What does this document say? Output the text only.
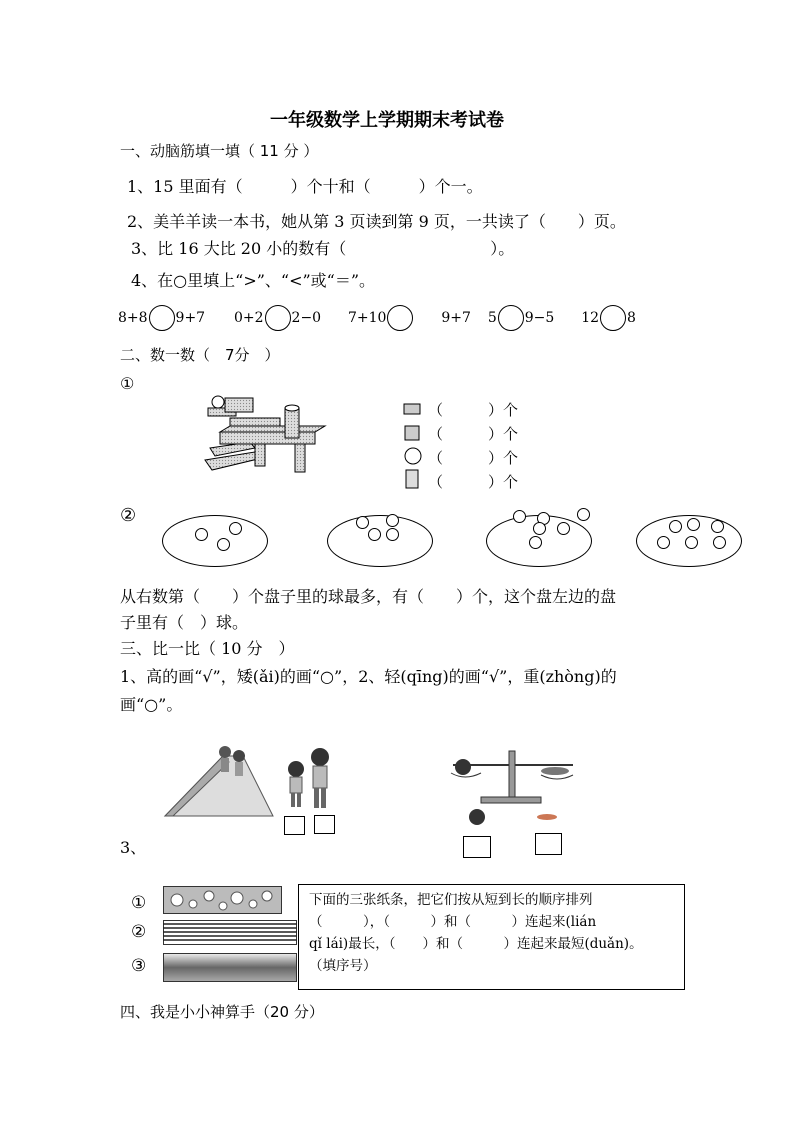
一年级数学上学期期末考试卷
一、动脑筋填一填（ 11 分 ）
1、15 里面有（　　　）个十和（　　　）个一。
2、美羊羊读一本书，她从第 3 页读到第 9 页，一共读了（　　）页。
3、比 16 大比 20 小的数有（　　　　　　　　　）。
4、在○里填上“>”、“<”或“＝”。
8+8 9+7 0+2 2−0 7+10	9+7 5 9−5 12 8
二、数一数（　7分　）
①
（　　　）个
（　　　）个
（　　　）个
（　　　）个
②
从右数第（　　）个盘子里的球最多，有（　　）个，这个盘左边的盘
子里有（　）球。
三、比一比（ 10 分　）
1、高的画“√”，矮(ǎi)的画“○”，2、轻(qīng)的画“√”，重(zhòng)的
画“○”。
3、
①
②
③
下面的三张纸条，把它们按从短到长的顺序排列
（　　　），（　　　）和（　　　）连起来(lián
qǐ lái)最长，（　　）和（　　　）连起来最短(duǎn)。
（填序号）
四、我是小小神算手（20 分）
